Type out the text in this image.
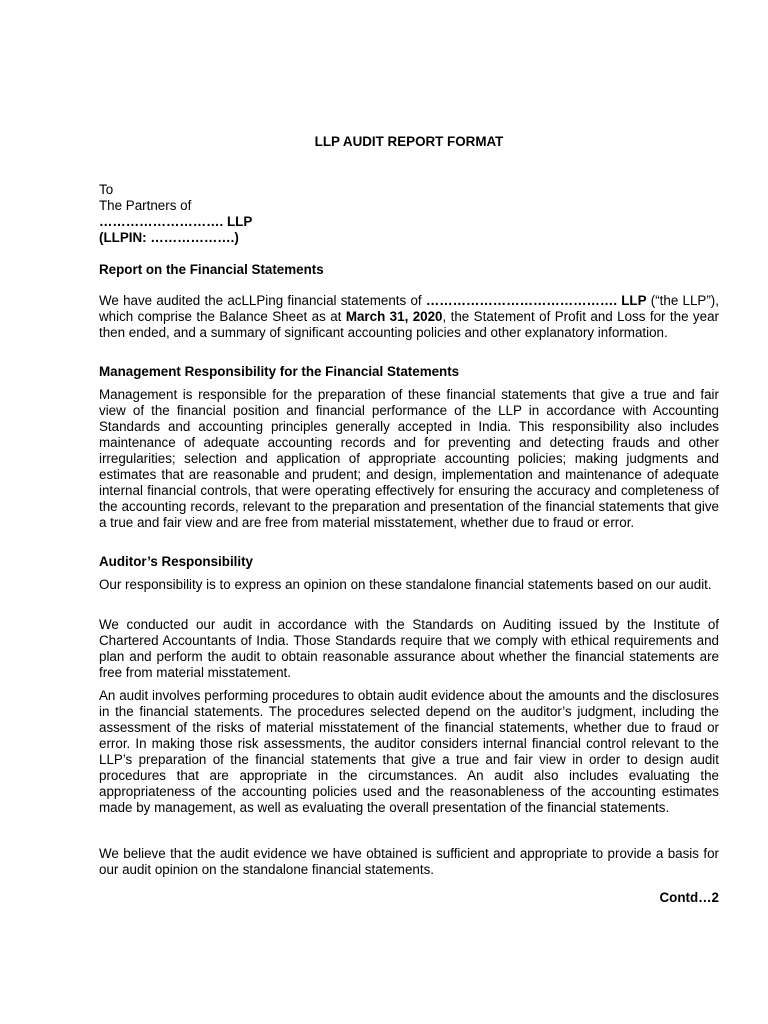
LLP AUDIT REPORT FORMAT
To
The Partners of
………………………. LLP
(LLPIN: ……………….)
Report on the Financial Statements
We have audited the acLLPing financial statements of ……………………………………. LLP (“the LLP”), which comprise the Balance Sheet as at March 31, 2020, the Statement of Profit and Loss for the year then ended, and a summary of significant accounting policies and other explanatory information.
Management Responsibility for the Financial Statements
Management is responsible for the preparation of these financial statements that give a true and fair view of the financial position and financial performance of the LLP in accordance with Accounting Standards and accounting principles generally accepted in India. This responsibility also includes maintenance of adequate accounting records and for preventing and detecting frauds and other irregularities; selection and application of appropriate accounting policies; making judgments and estimates that are reasonable and prudent; and design, implementation and maintenance of adequate internal financial controls, that were operating effectively for ensuring the accuracy and completeness of the accounting records, relevant to the preparation and presentation of the financial statements that give a true and fair view and are free from material misstatement, whether due to fraud or error.
Auditor’s Responsibility
Our responsibility is to express an opinion on these standalone financial statements based on our audit.
We conducted our audit in accordance with the Standards on Auditing issued by the Institute of Chartered Accountants of India. Those Standards require that we comply with ethical requirements and plan and perform the audit to obtain reasonable assurance about whether the financial statements are free from material misstatement.
An audit involves performing procedures to obtain audit evidence about the amounts and the disclosures in the financial statements. The procedures selected depend on the auditor’s judgment, including the assessment of the risks of material misstatement of the financial statements, whether due to fraud or error. In making those risk assessments, the auditor considers internal financial control relevant to the LLP’s preparation of the financial statements that give a true and fair view in order to design audit procedures that are appropriate in the circumstances. An audit also includes evaluating the appropriateness of the accounting policies used and the reasonableness of the accounting estimates made by management, as well as evaluating the overall presentation of the financial statements.
We believe that the audit evidence we have obtained is sufficient and appropriate to provide a basis for our audit opinion on the standalone financial statements.
Contd…2
